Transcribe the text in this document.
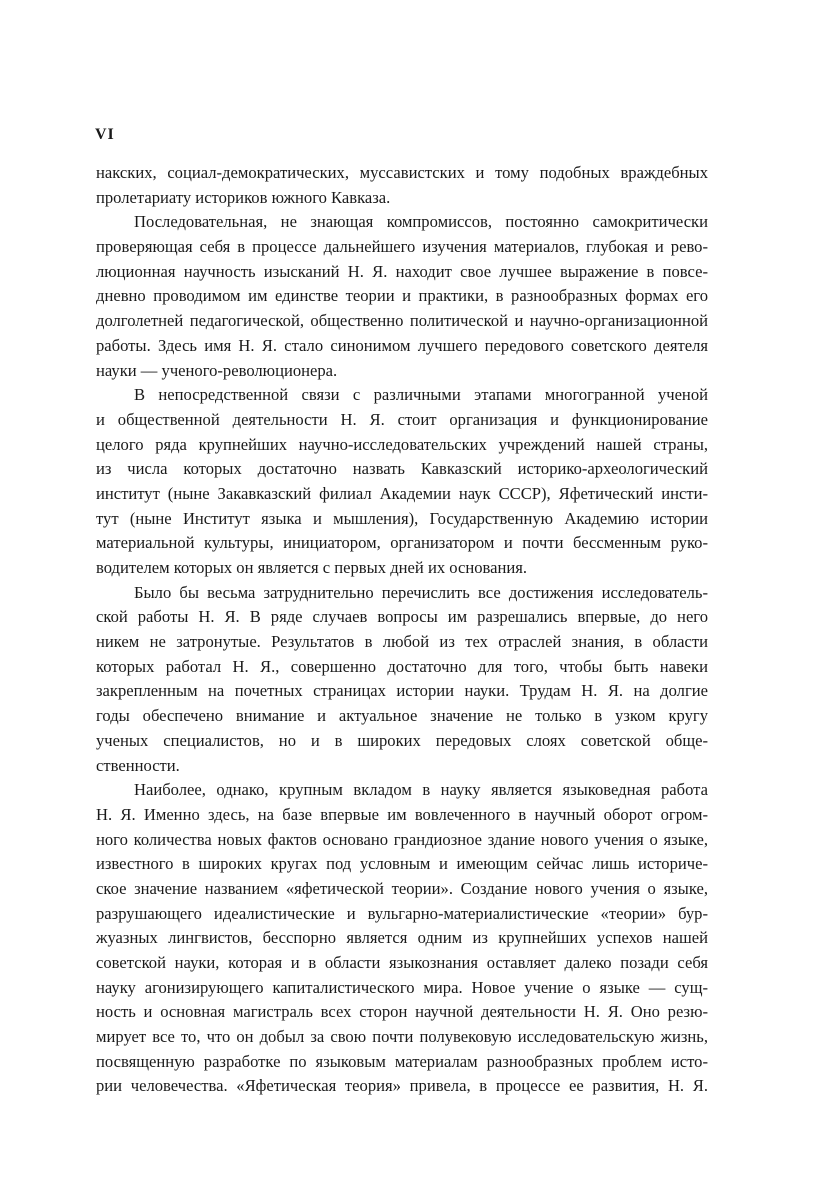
VI
накских, социал-демократических, муссавистских и тому подобных враждебных
пролетариату историков южного Кавказа.
Последовательная, не знающая компромиссов, постоянно самокритически
проверяющая себя в процессе дальнейшего изучения материалов, глубокая и рево-
люционная научность изысканий Н. Я. находит свое лучшее выражение в повсе-
дневно проводимом им единстве теории и практики, в разнообразных формах его
долголетней педагогической, общественно политической и научно-организационной
работы. Здесь имя Н. Я. стало синонимом лучшего передового советского деятеля
науки — ученого-революционера.
В непосредственной связи с различными этапами многогранной ученой
и общественной деятельности Н. Я. стоит организация и функционирование
целого ряда крупнейших научно-исследовательских учреждений нашей страны,
из числа которых достаточно назвать Кавказский историко-археологический
институт (ныне Закавказский филиал Академии наук СССР), Яфетический инсти-
тут (ныне Институт языка и мышления), Государственную Академию истории
материальной культуры, инициатором, организатором и почти бессменным руко-
водителем которых он является с первых дней их основания.
Было бы весьма затруднительно перечислить все достижения исследователь-
ской работы Н. Я. В ряде случаев вопросы им разрешались впервые, до него
никем не затронутые. Результатов в любой из тех отраслей знания, в области
которых работал Н. Я., совершенно достаточно для того, чтобы быть навеки
закрепленным на почетных страницах истории науки. Трудам Н. Я. на долгие
годы обеспечено внимание и актуальное значение не только в узком кругу
ученых специалистов, но и в широких передовых слоях советской обще-
ственности.
Наиболее, однако, крупным вкладом в науку является языковедная работа
Н. Я. Именно здесь, на базе впервые им вовлеченного в научный оборот огром-
ного количества новых фактов основано грандиозное здание нового учения о языке,
известного в широких кругах под условным и имеющим сейчас лишь историче-
ское значение названием «яфетической теории». Создание нового учения о языке,
разрушающего идеалистические и вульгарно-материалистические «теории» бур-
жуазных лингвистов, бесспорно является одним из крупнейших успехов нашей
советской науки, которая и в области языкознания оставляет далеко позади себя
науку агонизирующего капиталистического мира. Новое учение о языке — сущ-
ность и основная магистраль всех сторон научной деятельности Н. Я. Оно резю-
мирует все то, что он добыл за свою почти полувековую исследовательскую жизнь,
посвященную разработке по языковым материалам разнообразных проблем исто-
рии человечества. «Яфетическая теория» привела, в процессе ее развития, Н. Я.
